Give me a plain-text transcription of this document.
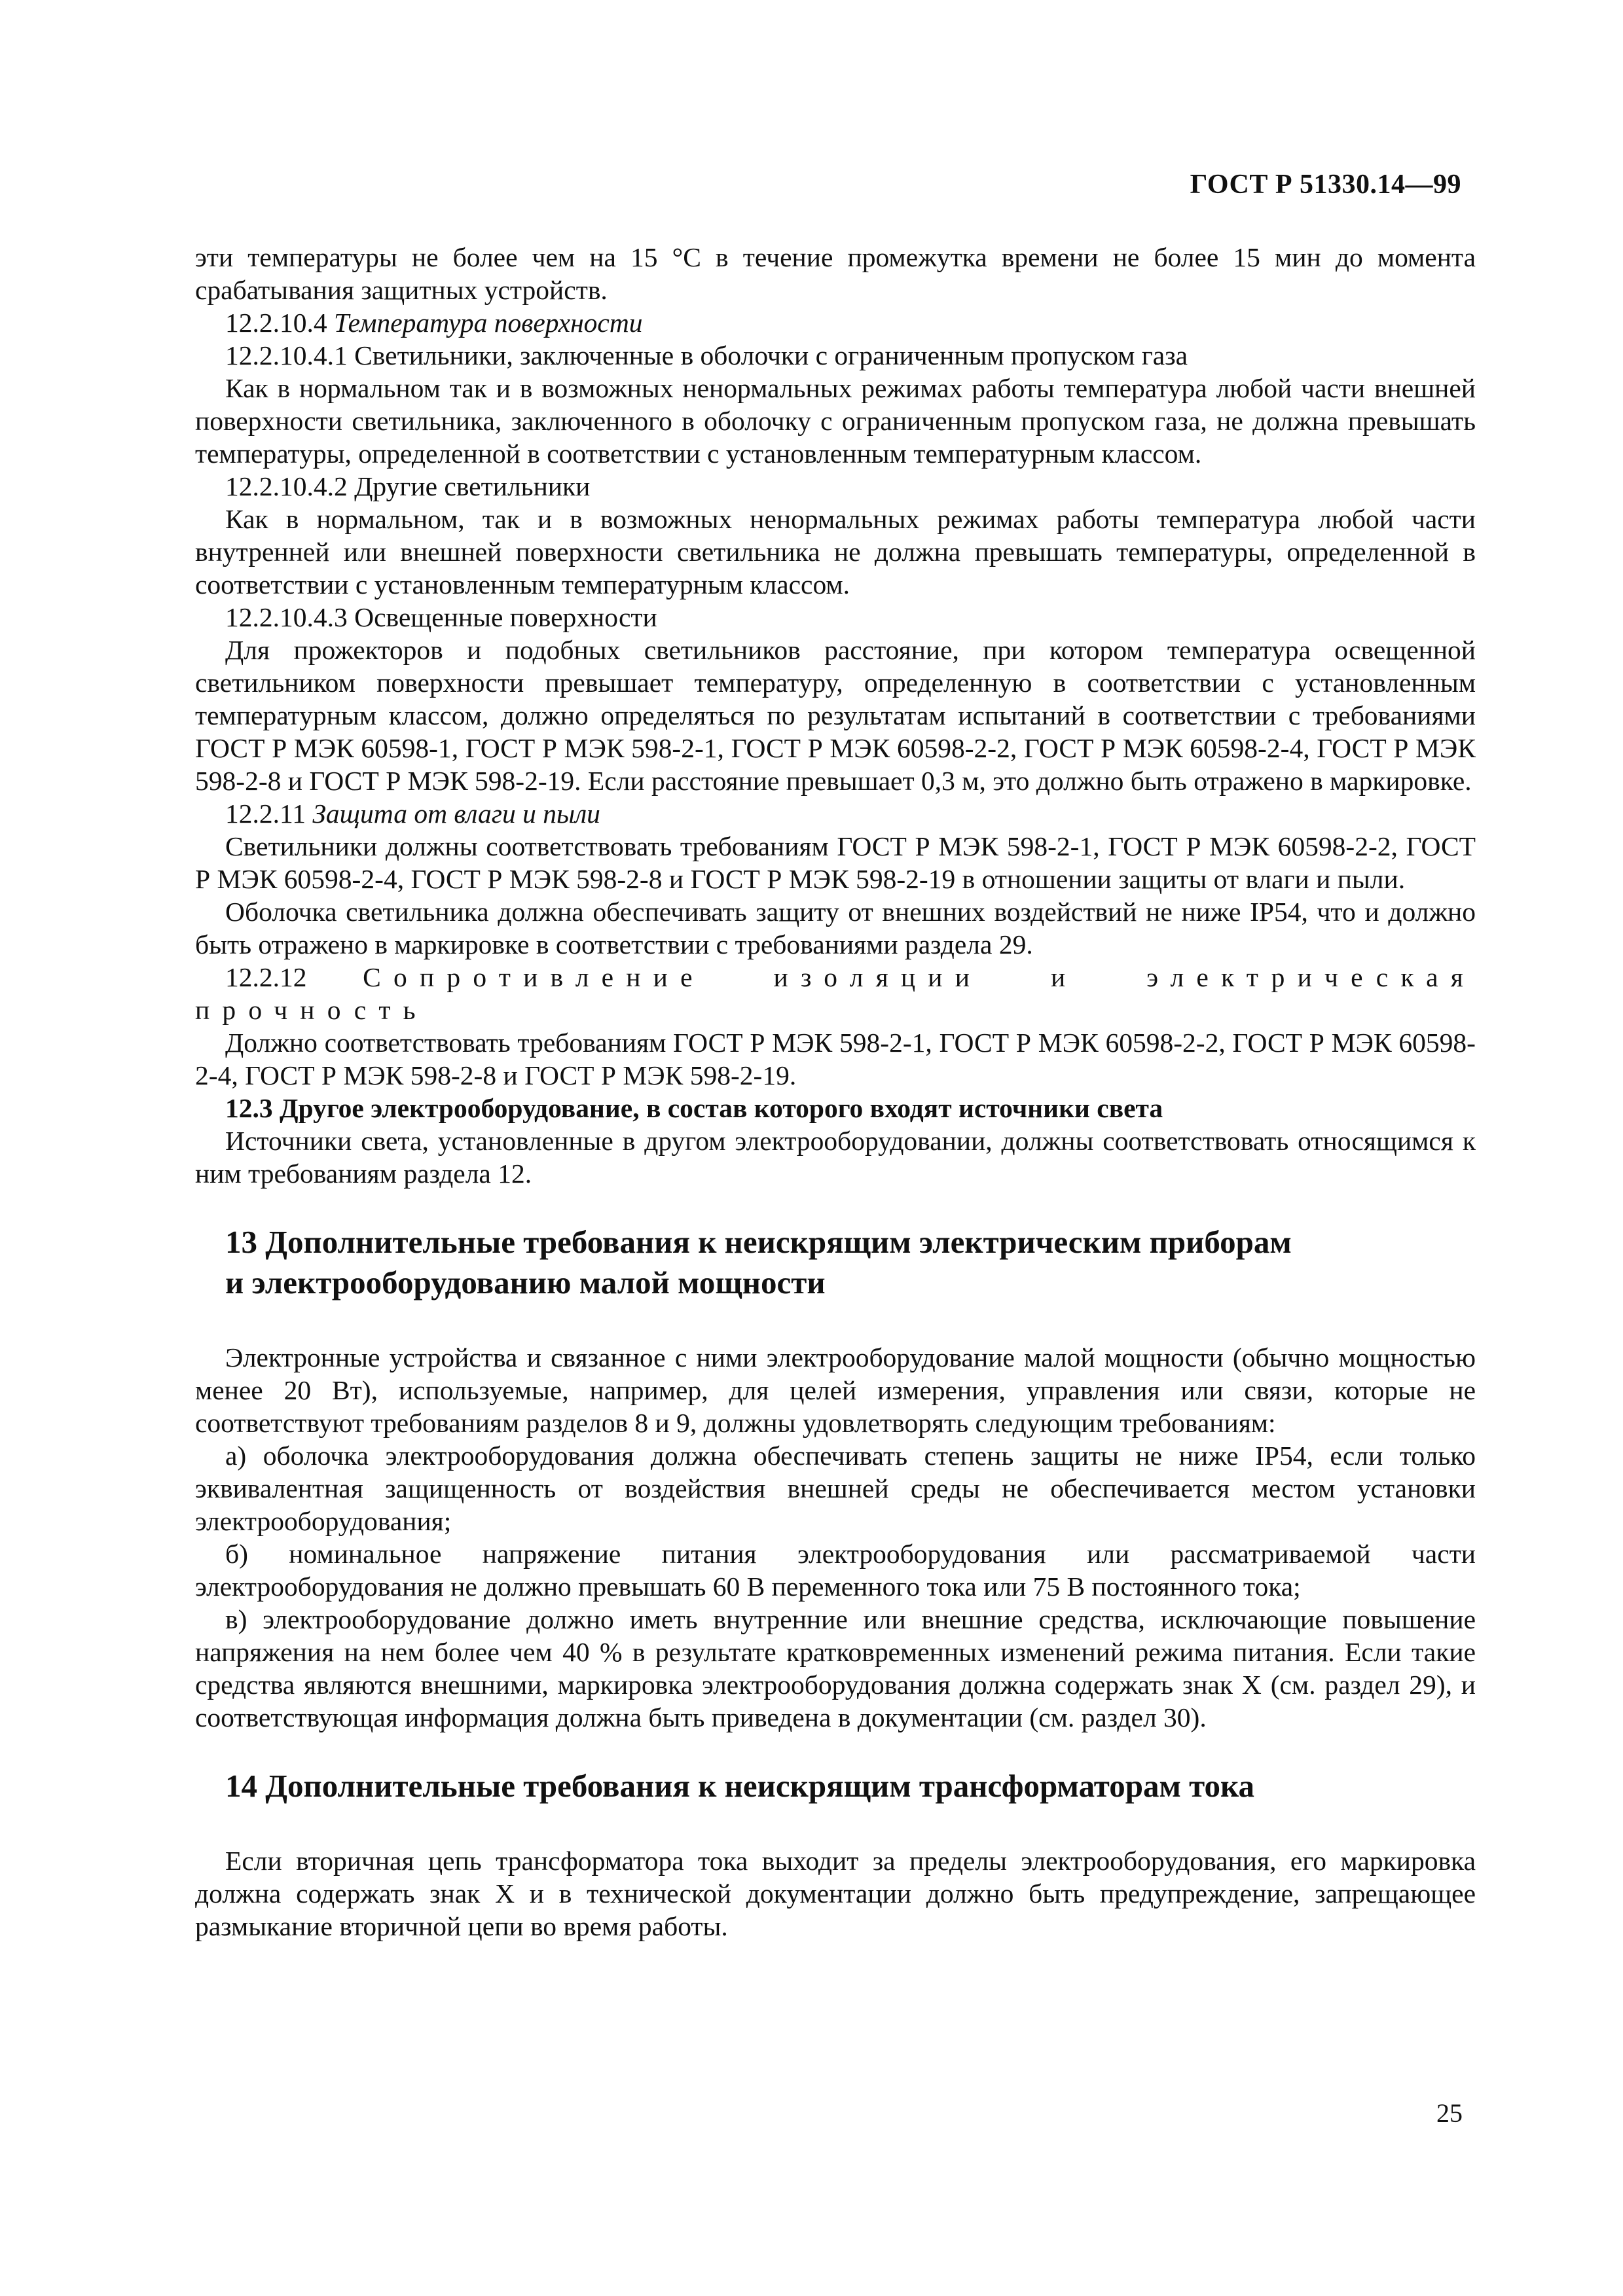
ГОСТ Р 51330.14—99

эти температуры не более чем на 15 °С в течение промежутка времени не более 15 мин до момента срабатывания защитных устройств.

12.2.10.4 Температура поверхности

12.2.10.4.1 Светильники, заключенные в оболочки с ограниченным пропуском газа

Как в нормальном так и в возможных ненормальных режимах работы температура любой части внешней поверхности светильника, заключенного в оболочку с ограниченным пропуском газа, не должна превышать температуры, определенной в соответствии с установленным температурным классом.

12.2.10.4.2 Другие светильники

Как в нормальном, так и в возможных ненормальных режимах работы температура любой части внутренней или внешней поверхности светильника не должна превышать температуры, определенной в соответствии с установленным температурным классом.

12.2.10.4.3 Освещенные поверхности

Для прожекторов и подобных светильников расстояние, при котором температура освещенной светильником поверхности превышает температуру, определенную в соответствии с установленным температурным классом, должно определяться по результатам испытаний в соответствии с требованиями ГОСТ Р МЭК 60598-1, ГОСТ Р МЭК 598-2-1, ГОСТ Р МЭК 60598-2-2, ГОСТ Р МЭК 60598-2-4, ГОСТ Р МЭК 598-2-8 и ГОСТ Р МЭК 598-2-19. Если расстояние превышает 0,3 м, это должно быть отражено в маркировке.

12.2.11 Защита от влаги и пыли

Светильники должны соответствовать требованиям ГОСТ Р МЭК 598-2-1, ГОСТ Р МЭК 60598-2-2, ГОСТ Р МЭК 60598-2-4, ГОСТ Р МЭК 598-2-8 и ГОСТ Р МЭК 598-2-19 в отношении защиты от влаги и пыли.

Оболочка светильника должна обеспечивать защиту от внешних воздействий не ниже IP54, что и должно быть отражено в маркировке в соответствии с требованиями раздела 29.

12.2.12 Сопротивление изоляции и электрическая прочность

Должно соответствовать требованиям ГОСТ Р МЭК 598-2-1, ГОСТ Р МЭК 60598-2-2, ГОСТ Р МЭК 60598-2-4, ГОСТ Р МЭК 598-2-8 и ГОСТ Р МЭК 598-2-19.

12.3 Другое электрооборудование, в состав которого входят источники света

Источники света, установленные в другом электрооборудовании, должны соответствовать относящимся к ним требованиям раздела 12.

13 Дополнительные требования к неискрящим электрическим приборам
и электрооборудованию малой мощности

Электронные устройства и связанное с ними электрооборудование малой мощности (обычно мощностью менее 20 Вт), используемые, например, для целей измерения, управления или связи, которые не соответствуют требованиям разделов 8 и 9, должны удовлетворять следующим требованиям:

а) оболочка электрооборудования должна обеспечивать степень защиты не ниже IP54, если только эквивалентная защищенность от воздействия внешней среды не обеспечивается местом установки электрооборудования;

б) номинальное напряжение питания электрооборудования или рассматриваемой части электрооборудования не должно превышать 60 В переменного тока или 75 В постоянного тока;

в) электрооборудование должно иметь внутренние или внешние средства, исключающие повышение напряжения на нем более чем 40 % в результате кратковременных изменений режима питания. Если такие средства являются внешними, маркировка электрооборудования должна содержать знак X (см. раздел 29), и соответствующая информация должна быть приведена в документации (см. раздел 30).

14 Дополнительные требования к неискрящим трансформаторам тока

Если вторичная цепь трансформатора тока выходит за пределы электрооборудования, его маркировка должна содержать знак X и в технической документации должно быть предупреждение, запрещающее размыкание вторичной цепи во время работы.

25
